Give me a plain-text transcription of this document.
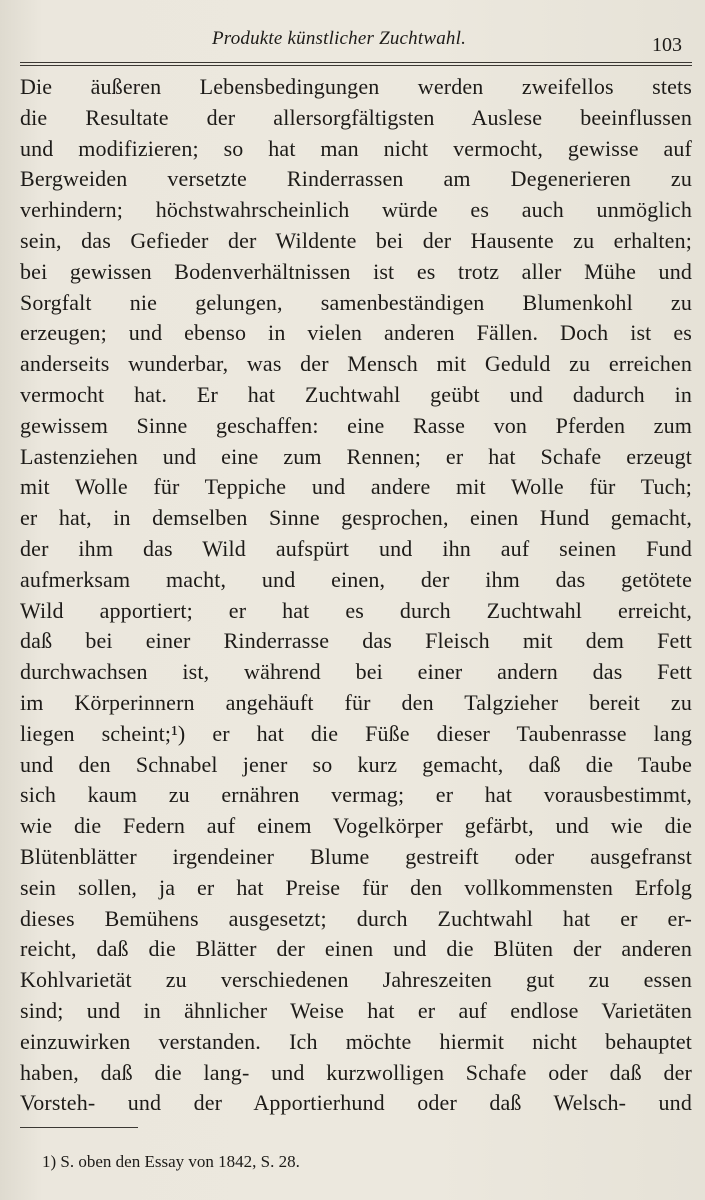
Produkte künstlicher Zuchtwahl.	103
Die äußeren Lebensbedingungen werden zweifellos stets
die Resultate der allersorgfältigsten Auslese beeinflussen
und modifizieren; so hat man nicht vermocht, gewisse auf
Bergweiden versetzte Rinderrassen am Degenerieren zu
verhindern; höchstwahrscheinlich würde es auch unmöglich
sein, das Gefieder der Wildente bei der Hausente zu erhalten;
bei gewissen Bodenverhältnissen ist es trotz aller Mühe und
Sorgfalt nie gelungen, samenbeständigen Blumenkohl zu
erzeugen; und ebenso in vielen anderen Fällen. Doch ist es
anderseits wunderbar, was der Mensch mit Geduld zu erreichen
vermocht hat. Er hat Zuchtwahl geübt und dadurch in
gewissem Sinne geschaffen: eine Rasse von Pferden zum
Lastenziehen und eine zum Rennen; er hat Schafe erzeugt
mit Wolle für Teppiche und andere mit Wolle für Tuch;
er hat, in demselben Sinne gesprochen, einen Hund gemacht,
der ihm das Wild aufspürt und ihn auf seinen Fund
aufmerksam macht, und einen, der ihm das getötete
Wild apportiert; er hat es durch Zuchtwahl erreicht,
daß bei einer Rinderrasse das Fleisch mit dem Fett
durchwachsen ist, während bei einer andern das Fett
im Körperinnern angehäuft für den Talgzieher bereit zu
liegen scheint;¹) er hat die Füße dieser Taubenrasse lang
und den Schnabel jener so kurz gemacht, daß die Taube
sich kaum zu ernähren vermag; er hat vorausbestimmt,
wie die Federn auf einem Vogelkörper gefärbt, und wie die
Blütenblätter irgendeiner Blume gestreift oder ausgefranst
sein sollen, ja er hat Preise für den vollkommensten Erfolg
dieses Bemühens ausgesetzt; durch Zuchtwahl hat er er-
reicht, daß die Blätter der einen und die Blüten der anderen
Kohlvarietät zu verschiedenen Jahreszeiten gut zu essen
sind; und in ähnlicher Weise hat er auf endlose Varietäten
einzuwirken verstanden. Ich möchte hiermit nicht behauptet
haben, daß die lang- und kurzwolligen Schafe oder daß der
Vorsteh- und der Apportierhund oder daß Welsch- und
1) S. oben den Essay von 1842, S. 28.
